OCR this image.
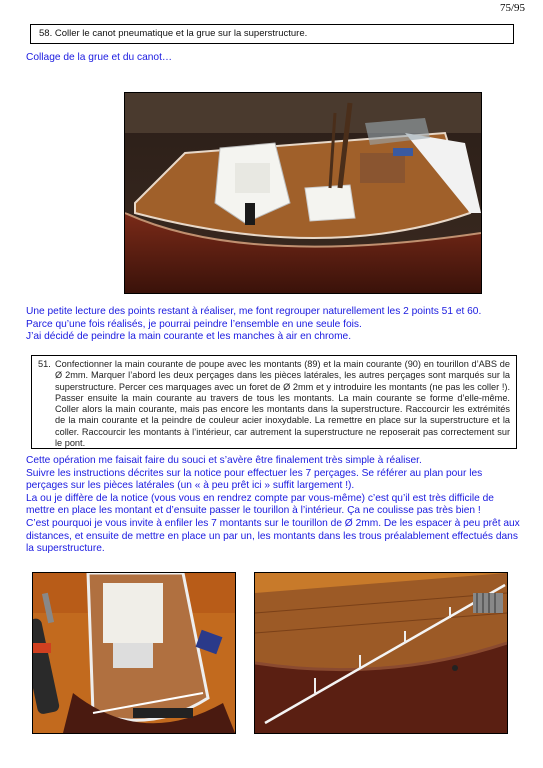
75/95
58. Coller le canot pneumatique et la grue sur la superstructure.
Collage de la grue et du canot…

Une petite lecture des points restant à réaliser, me font regrouper naturellement les 2 points 51 et 60.

Parce qu’une fois réalisés, je pourrai peindre l’ensemble en une seule fois.

J’ai décidé de peindre la main courante et les manches à air en chrome.

51. Confectionner la main courante de poupe avec les montants (89) et la main courante (90) en tourillon d’ABS de Ø 2mm. Marquer l’abord les deux perçages dans les pièces latérales, les autres perçages sont marqués sur la superstructure. Percer ces marquages avec un foret de Ø 2mm et y introduire les montants (ne pas les coller !). Passer ensuite la main courante au travers de tous les montants. La main courante se forme d’elle-même. Coller alors la main courante, mais pas encore les montants dans la superstructure. Raccourcir les extrémités de la main courante et la peindre de couleur acier inoxydable. La remettre en place sur la superstructure et la coller. Raccourcir les montants à l’intérieur, car autrement la superstructure ne reposerait pas correctement sur le pont.

Cette opération me faisait faire du souci et s’avère être finalement très simple à réaliser.

Suivre les instructions décrites sur la notice pour effectuer les 7 perçages. Se référer au plan pour les perçages sur les pièces latérales (un « à peu prêt ici » suffit largement !).

La ou je diffère de la notice (vous vous en rendrez compte par vous-même) c’est qu’il est très difficile de mettre en place les montant et d’ensuite passer le tourillon à l’intérieur. Ça ne coulisse pas très bien !

C’est pourquoi je vous invite à enfiler les 7 montants sur le tourillon de Ø 2mm. De les espacer à peu prêt aux distances, et ensuite de mettre en place un par un, les montants dans les trous préalablement effectués dans la superstructure.
